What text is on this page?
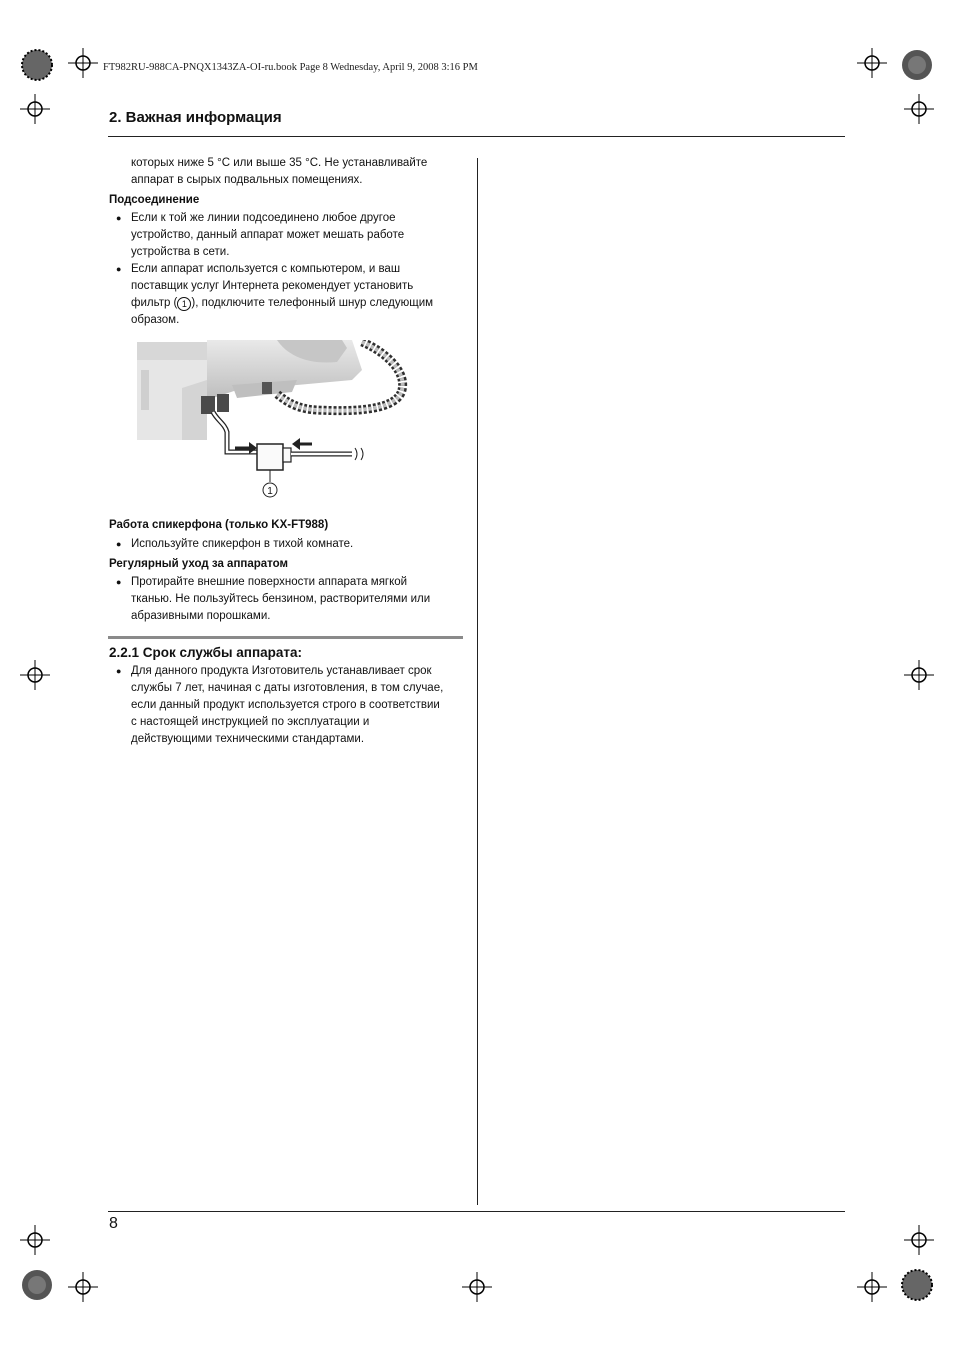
FT982RU-988CA-PNQX1343ZA-OI-ru.book Page 8 Wednesday, April 9, 2008 3:16 PM
2. Важная информация
которых ниже 5 °C или выше 35 °C. Не устанавливайте
аппарат в сырых подвальных помещениях.
Подсоединение
● Если к той же линии подсоединено любое другое
устройство, данный аппарат может мешать работе
устройства в сети.
● Если аппарат используется с компьютером, и ваш
поставщик услуг Интернета рекомендует установить
фильтр ( 1 ), подключите телефонный шнур следующим
образом.
1
Работа спикерфона (только KX-FT988)
● Используйте спикерфон в тихой комнате.
Регулярный уход за аппаратом
● Протирайте внешние поверхности аппарата мягкой
тканью. Не пользуйтесь бензином, растворителями или
абразивными порошками.
2.2.1 Срок службы аппарата:
● Для данного продукта Изготовитель устанавливает срок
службы 7 лет, начиная с даты изготовления, в том случае,
если данный продукт используется строго в соответствии
с настоящей инструкцией по эксплуатации и
действующими техническими стандартами.
8
